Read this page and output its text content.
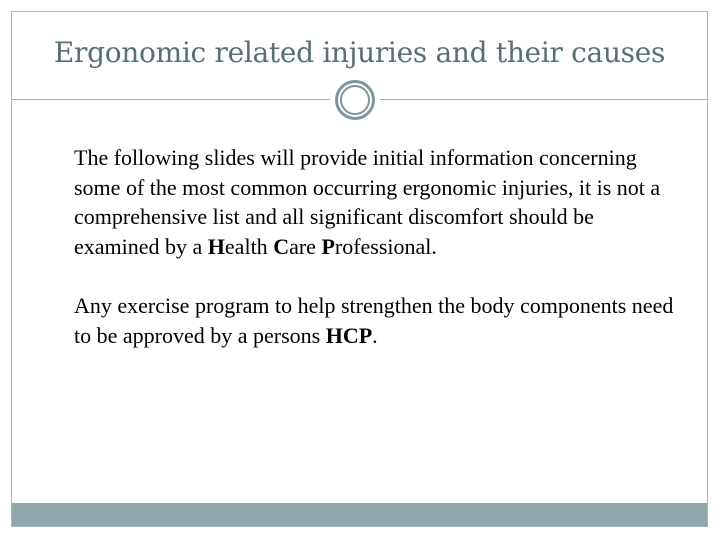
Ergonomic related injuries and their causes

The following slides will provide initial information concerning some of the most common occurring ergonomic injuries, it is not a comprehensive list and all significant discomfort should be examined by a Health Care Professional.

Any exercise program to help strengthen the body components need to be approved by a persons HCP.
